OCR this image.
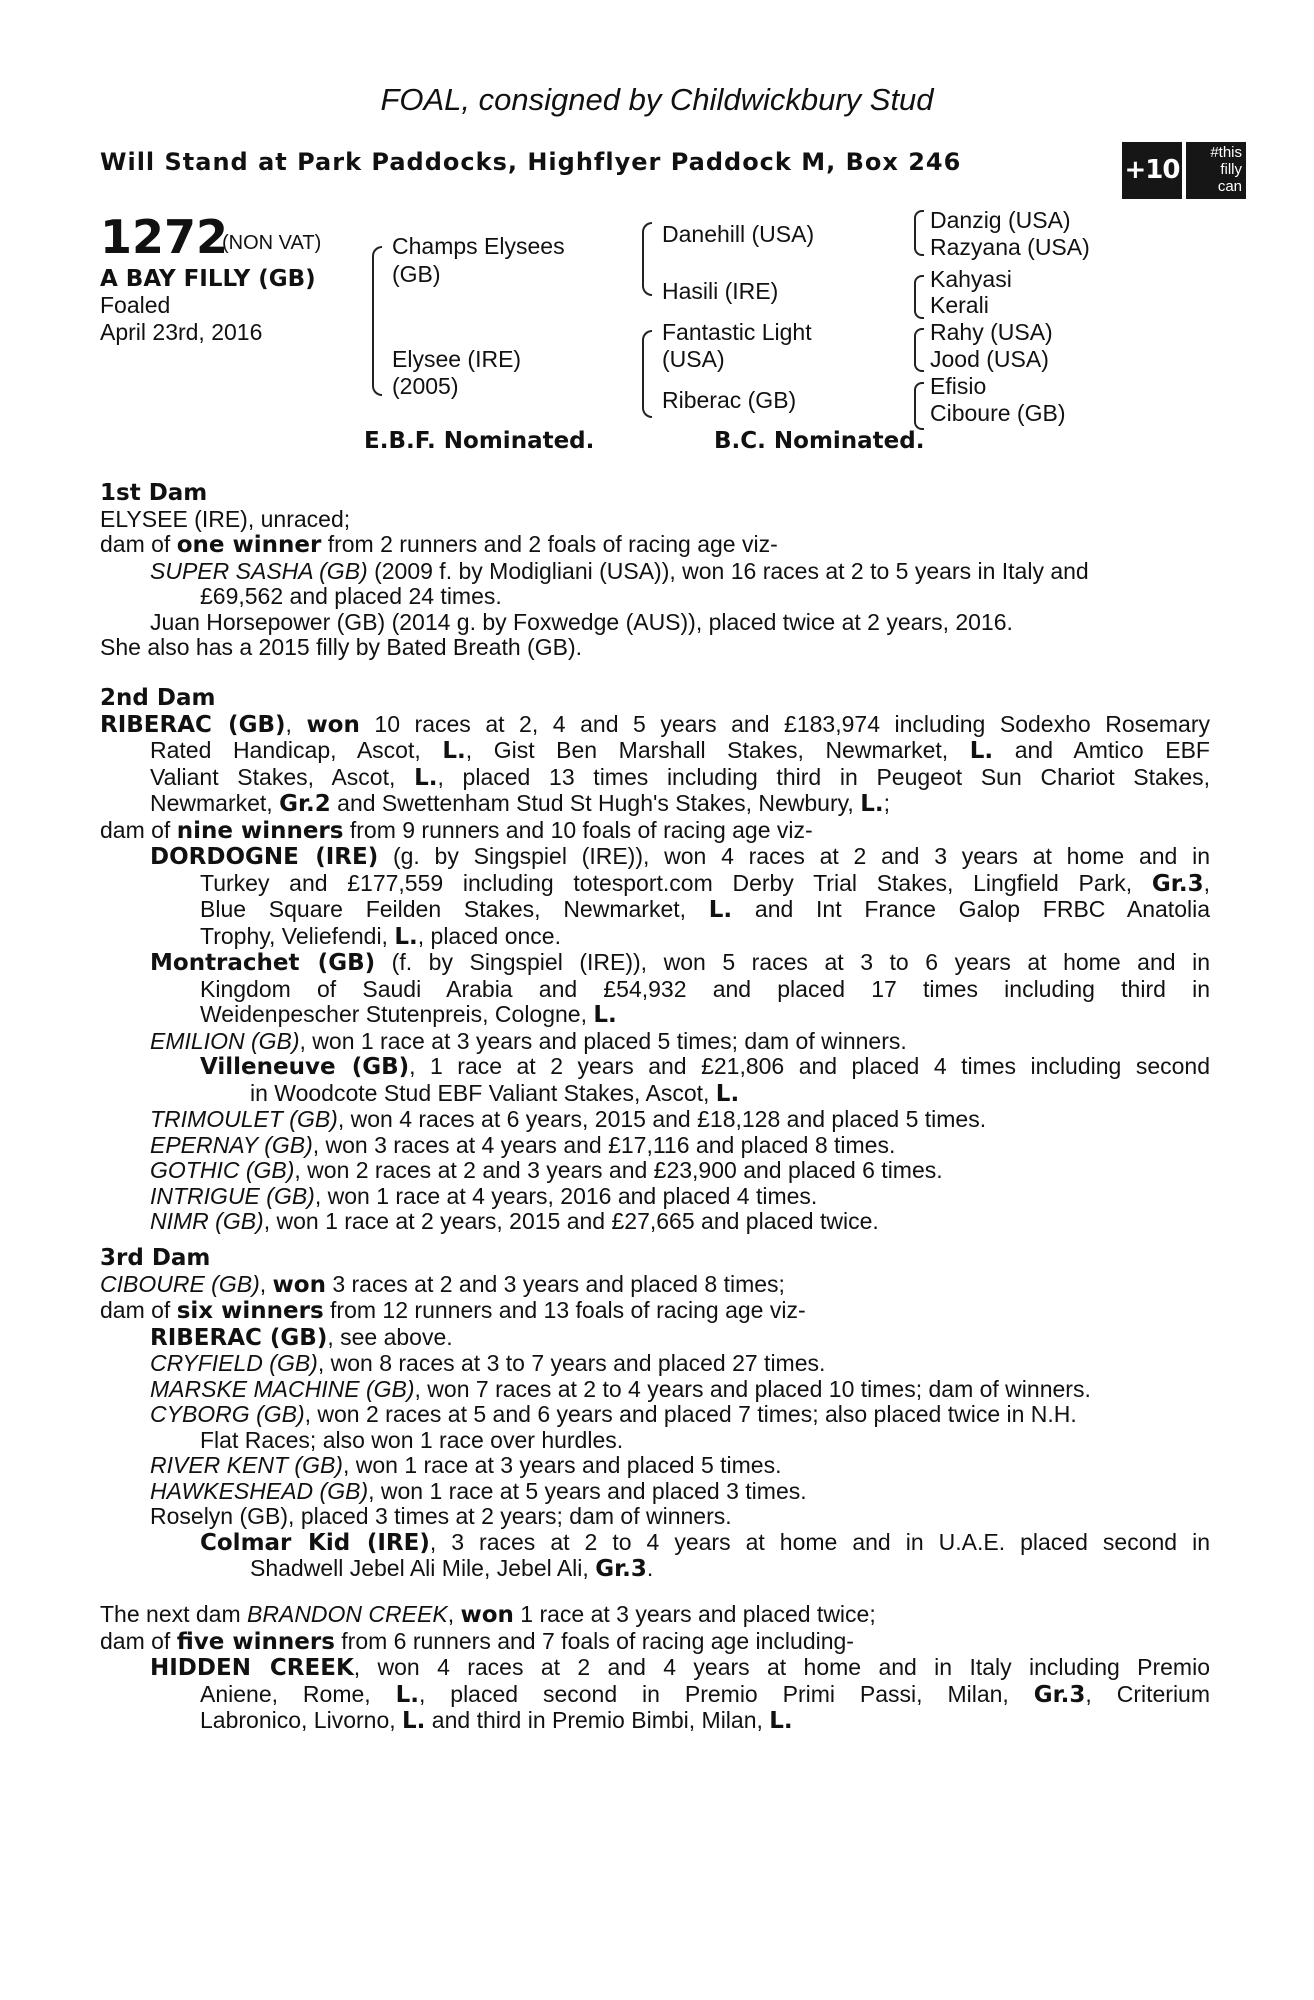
FOAL, consigned by Childwickbury Stud
Will Stand at Park Paddocks, Highflyer Paddock M, Box 246	+10
#this
filly
can
1272
(NON VAT)
A BAY FILLY (GB)
Foaled
April 23rd, 2016
Champs Elysees
(GB)
Elysee (IRE)
(2005)
Danehill (USA)
Hasili (IRE)
Fantastic Light
(USA)
Riberac (GB)
Danzig (USA)
Razyana (USA)
Kahyasi
Kerali
Rahy (USA)
Jood (USA)
Efisio
Ciboure (GB)
E.B.F. Nominated.	B.C. Nominated.

1st Dam

ELYSEE (IRE), unraced;

dam of one winner from 2 runners and 2 foals of racing age viz-

SUPER SASHA (GB) (2009 f. by Modigliani (USA)), won 16 races at 2 to 5 years in Italy and

£69,562 and placed 24 times.

Juan Horsepower (GB) (2014 g. by Foxwedge (AUS)), placed twice at 2 years, 2016.

She also has a 2015 filly by Bated Breath (GB).

2nd Dam

RIBERAC (GB), won 10 races at 2, 4 and 5 years and £183,974 including Sodexho Rosemary

Rated Handicap, Ascot, L., Gist Ben Marshall Stakes, Newmarket, L. and Amtico EBF

Valiant Stakes, Ascot, L., placed 13 times including third in Peugeot Sun Chariot Stakes,

Newmarket, Gr.2 and Swettenham Stud St Hugh's Stakes, Newbury, L.;

dam of nine winners from 9 runners and 10 foals of racing age viz-

DORDOGNE (IRE) (g. by Singspiel (IRE)), won 4 races at 2 and 3 years at home and in

Turkey and £177,559 including totesport.com Derby Trial Stakes, Lingfield Park, Gr.3,

Blue Square Feilden Stakes, Newmarket, L. and Int France Galop FRBC Anatolia

Trophy, Veliefendi, L., placed once.

Montrachet (GB) (f. by Singspiel (IRE)), won 5 races at 3 to 6 years at home and in

Kingdom of Saudi Arabia and £54,932 and placed 17 times including third in

Weidenpescher Stutenpreis, Cologne, L.

EMILION (GB), won 1 race at 3 years and placed 5 times; dam of winners.

Villeneuve (GB), 1 race at 2 years and £21,806 and placed 4 times including second

in Woodcote Stud EBF Valiant Stakes, Ascot, L.

TRIMOULET (GB), won 4 races at 6 years, 2015 and £18,128 and placed 5 times.

EPERNAY (GB), won 3 races at 4 years and £17,116 and placed 8 times.

GOTHIC (GB), won 2 races at 2 and 3 years and £23,900 and placed 6 times.

INTRIGUE (GB), won 1 race at 4 years, 2016 and placed 4 times.

NIMR (GB), won 1 race at 2 years, 2015 and £27,665 and placed twice.

3rd Dam

CIBOURE (GB), won 3 races at 2 and 3 years and placed 8 times;

dam of six winners from 12 runners and 13 foals of racing age viz-

RIBERAC (GB), see above.

CRYFIELD (GB), won 8 races at 3 to 7 years and placed 27 times.

MARSKE MACHINE (GB), won 7 races at 2 to 4 years and placed 10 times; dam of winners.

CYBORG (GB), won 2 races at 5 and 6 years and placed 7 times; also placed twice in N.H.

Flat Races; also won 1 race over hurdles.

RIVER KENT (GB), won 1 race at 3 years and placed 5 times.

HAWKESHEAD (GB), won 1 race at 5 years and placed 3 times.

Roselyn (GB), placed 3 times at 2 years; dam of winners.

Colmar Kid (IRE), 3 races at 2 to 4 years at home and in U.A.E. placed second in

Shadwell Jebel Ali Mile, Jebel Ali, Gr.3.

The next dam BRANDON CREEK, won 1 race at 3 years and placed twice;

dam of five winners from 6 runners and 7 foals of racing age including-

HIDDEN CREEK, won 4 races at 2 and 4 years at home and in Italy including Premio

Aniene, Rome, L., placed second in Premio Primi Passi, Milan, Gr.3, Criterium

Labronico, Livorno, L. and third in Premio Bimbi, Milan, L.
